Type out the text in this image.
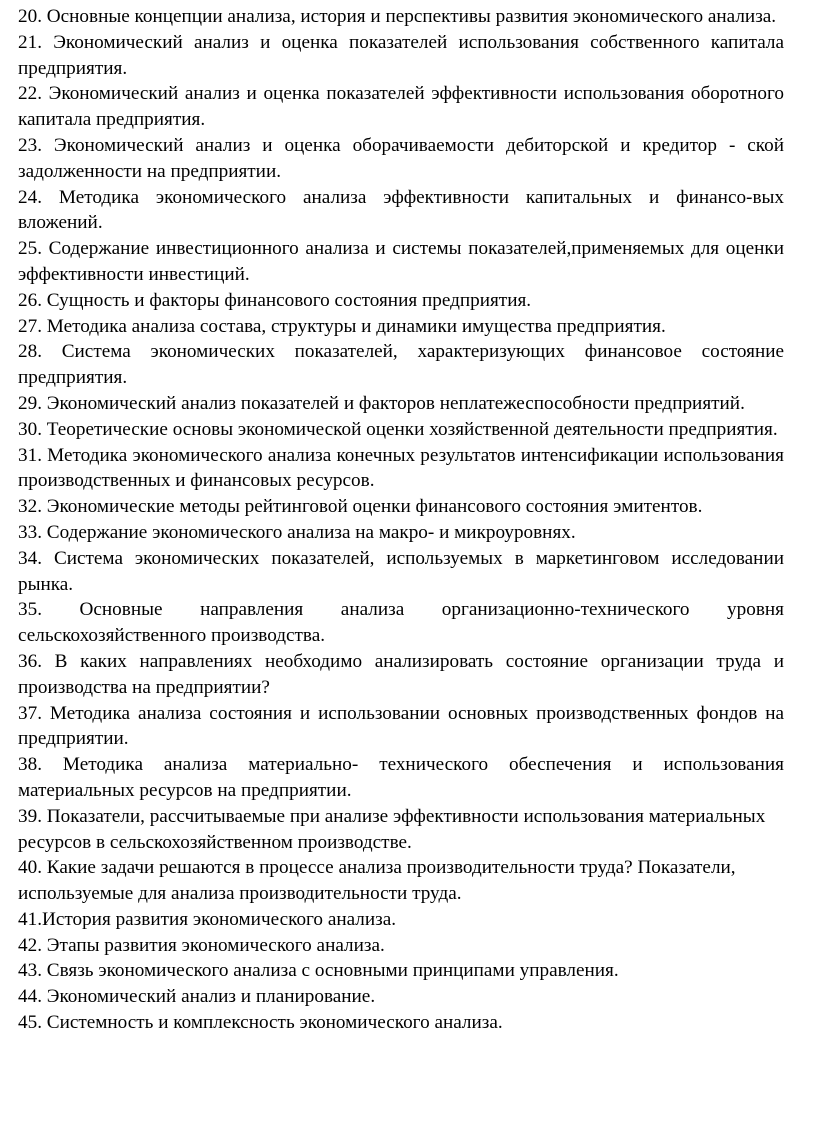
20. Основные концепции анализа, история и перспективы развития экономического анализа.

21. Экономический анализ и оценка показателей использования собственного капитала предприятия.

22. Экономический анализ и оценка показателей эффективности использования оборотного капитала предприятия.

23. Экономический анализ и оценка оборачиваемости дебиторской и кредитор - ской задолженности на предприятии.

24. Методика экономического анализа эффективности капитальных и финансо-вых вложений.

25. Содержание инвестиционного анализа и системы показателей,применяемых для оценки эффективности инвестиций.

26. Сущность и факторы финансового состояния предприятия.

27. Методика анализа состава, структуры и динамики имущества предприятия.

28. Система экономических показателей, характеризующих финансовое состояние предприятия.

29. Экономический анализ показателей и факторов неплатежеспособности предприятий.

30. Теоретические основы экономической оценки хозяйственной деятельности предприятия.

31. Методика экономического анализа конечных результатов интенсификации использования производственных и финансовых ресурсов.

32. Экономические методы рейтинговой оценки финансового состояния эмитентов.

33. Содержание экономического анализа на макро- и микроуровнях.

34. Система экономических показателей, используемых в маркетинговом исследовании рынка.

35. Основные направления анализа организационно-технического уровня сельскохозяйственного производства.

36. В каких направлениях необходимо анализировать состояние организации труда и производства на предприятии?

37. Методика анализа состояния и использовании основных производственных фондов на предприятии.

38. Методика анализа материально- технического обеспечения и использования материальных ресурсов на предприятии.

39. Показатели, рассчитываемые при анализе эффективности использования материальных ресурсов в сельскохозяйственном производстве.

40. Какие задачи решаются в процессе анализа производительности труда? Показатели, используемые для анализа производительности труда.

41.История развития экономического анализа.

42. Этапы развития экономического анализа.

43. Связь экономического анализа с основными принципами управления.

44. Экономический анализ и планирование.

45. Системность и комплексность экономического анализа.
